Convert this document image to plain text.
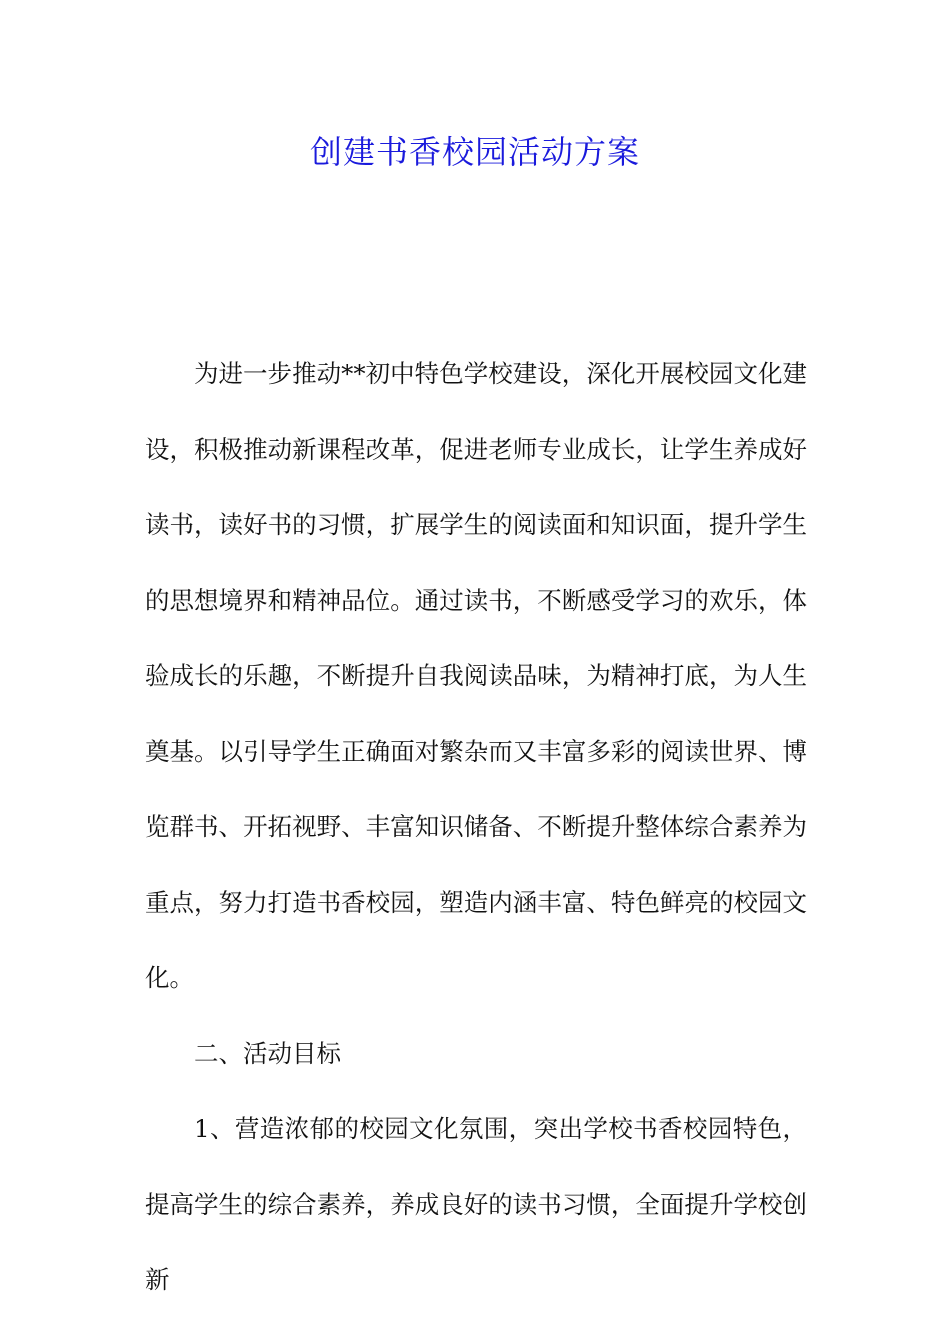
创建书香校园活动方案

为进一步推动**初中特色学校建设，深化开展校园文化建设，积极推动新课程改革，促进老师专业成长，让学生养成好读书，读好书的习惯，扩展学生的阅读面和知识面，提升学生的思想境界和精神品位。通过读书，不断感受学习的欢乐，体验成长的乐趣，不断提升自我阅读品味，为精神打底，为人生奠基。以引导学生正确面对繁杂而又丰富多彩的阅读世界、博览群书、开拓视野、丰富知识储备、不断提升整体综合素养为重点，努力打造书香校园，塑造内涵丰富、特色鲜亮的校园文化。

二、活动目标

1、营造浓郁的校园文化氛围，突出学校书香校园特色，提高学生的综合素养，养成良好的读书习惯，全面提升学校创新
